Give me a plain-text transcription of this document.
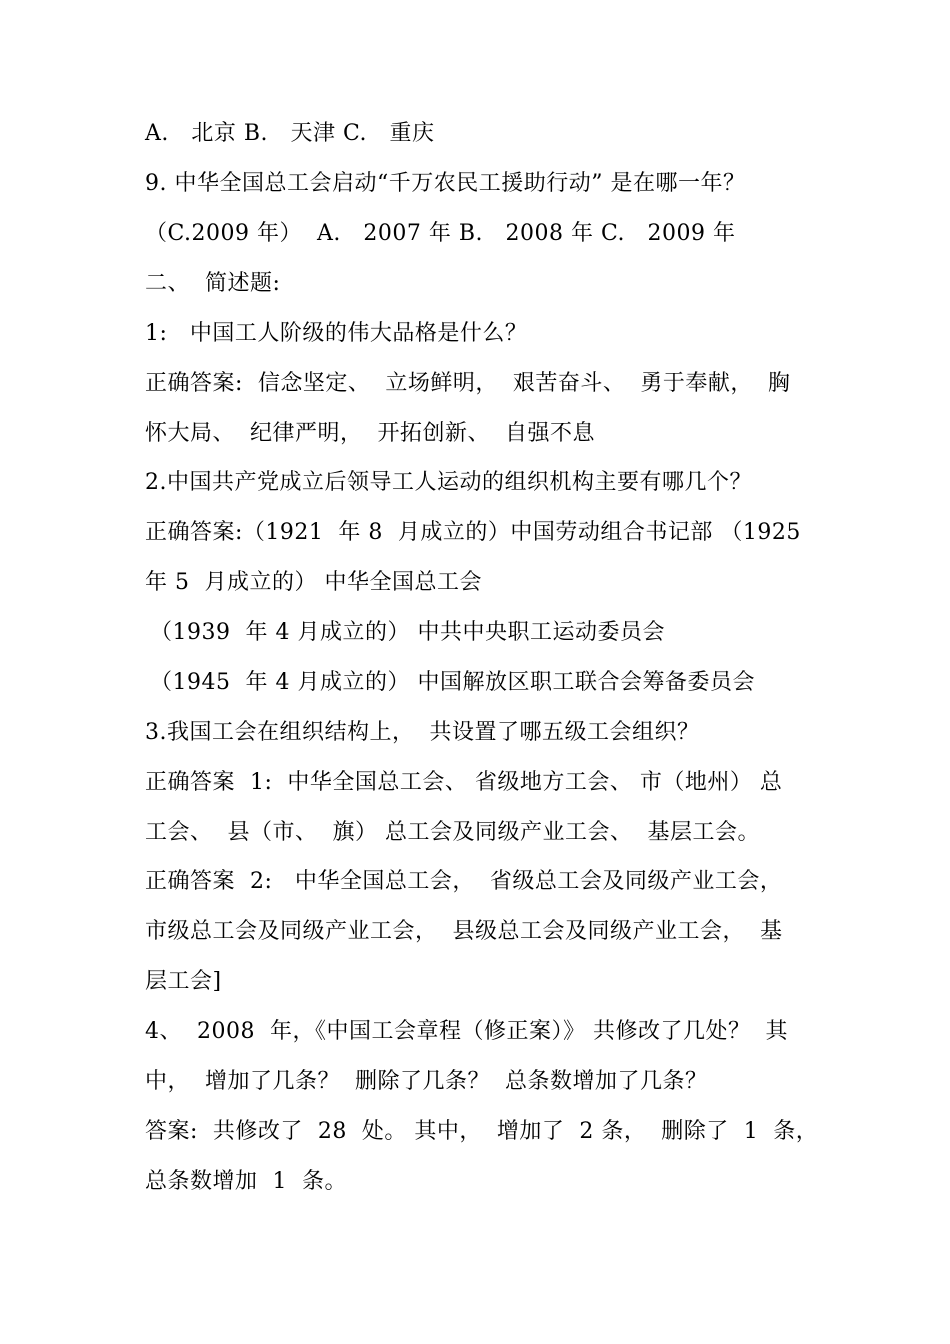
A.   北京 B.   天津 C.   重庆
9. 中华全国总工会启动“千万农民工援助行动” 是在哪一年？
（C.2009 年）  A.   2007 年 B.   2008 年 C.   2009 年
二、  简述题:
1:   中国工人阶级的伟大品格是什么？
正确答案:  信念坚定、  立场鲜明，  艰苦奋斗、  勇于奉献，  胸
怀大局、  纪律严明，  开拓创新、  自强不息
2.中国共产党成立后领导工人运动的组织机构主要有哪几个？
正确答案:（1921  年 8  月成立的）中国劳动组合书记部 （1925
年 5  月成立的） 中华全国总工会
（1939  年 4 月成立的） 中共中央职工运动委员会
（1945  年 4 月成立的） 中国解放区职工联合会筹备委员会
3.我国工会在组织结构上，  共设置了哪五级工会组织？
正确答案  1:  中华全国总工会、 省级地方工会、 市（地州） 总
工会、  县（市、  旗） 总工会及同级产业工会、  基层工会。
正确答案  2:   中华全国总工会，  省级总工会及同级产业工会，
市级总工会及同级产业工会，  县级总工会及同级产业工会，  基
层工会]
4、  2008  年，《中国工会章程（修正案）》 共修改了几处？  其
中，  增加了几条？  删除了几条？  总条数增加了几条？
答案:  共修改了  28  处。 其中，  增加了  2 条，  删除了  1  条，
总条数增加  1  条。
